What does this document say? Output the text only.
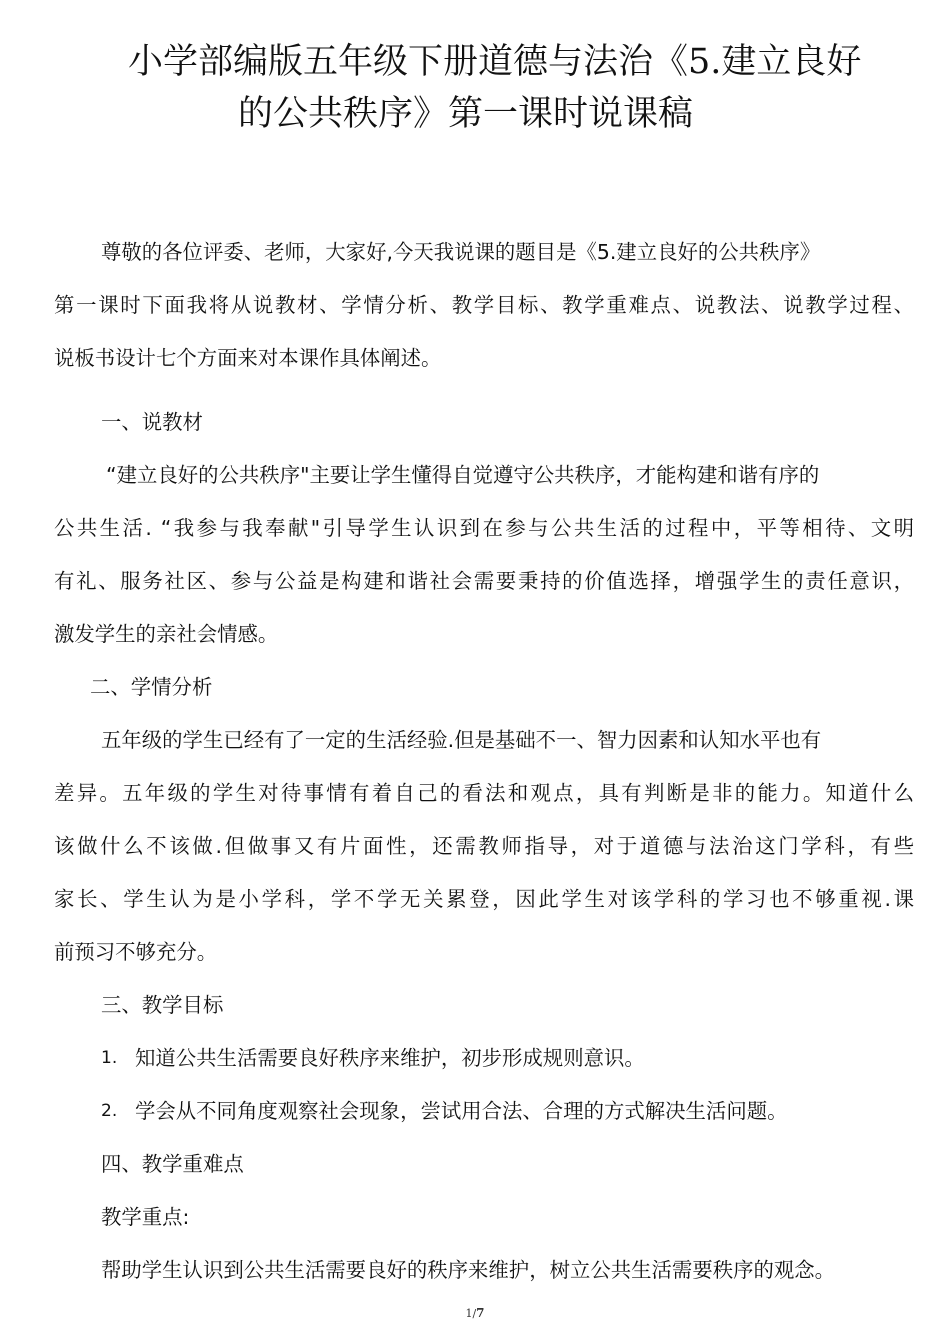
小学部编版五年级下册道德与法治《5.建立良好
的公共秩序》第一课时说课稿
尊敬的各位评委、老师，大家好,今天我说课的题目是《5.建立良好的公共秩序》
第一课时下面我将从说教材、学情分析、教学目标、教学重难点、说教法、说教学过程、
说板书设计七个方面来对本课作具体阐述。
一、说教材
“建立良好的公共秩序"主要让学生懂得自觉遵守公共秩序，才能构建和谐有序的
公共生活. “我参与我奉献"引导学生认识到在参与公共生活的过程中，平等相待、文明
有礼、服务社区、参与公益是构建和谐社会需要秉持的价值选择，增强学生的责任意识，
激发学生的亲社会情感。
二、学情分析
五年级的学生已经有了一定的生活经验.但是基础不一、智力因素和认知水平也有
差异。五年级的学生对待事情有着自己的看法和观点，具有判断是非的能力。知道什么
该做什么不该做.但做事又有片面性，还需教师指导，对于道德与法治这门学科，有些
家长、学生认为是小学科，学不学无关累登，因此学生对该学科的学习也不够重视.课
前预习不够充分。
三、教学目标
1. 知道公共生活需要良好秩序来维护，初步形成规则意识。
2. 学会从不同角度观察社会现象，尝试用合法、合理的方式解决生活问题。
四、教学重难点
教学重点:
帮助学生认识到公共生活需要良好的秩序来维护，树立公共生活需要秩序的观念。
1/7
